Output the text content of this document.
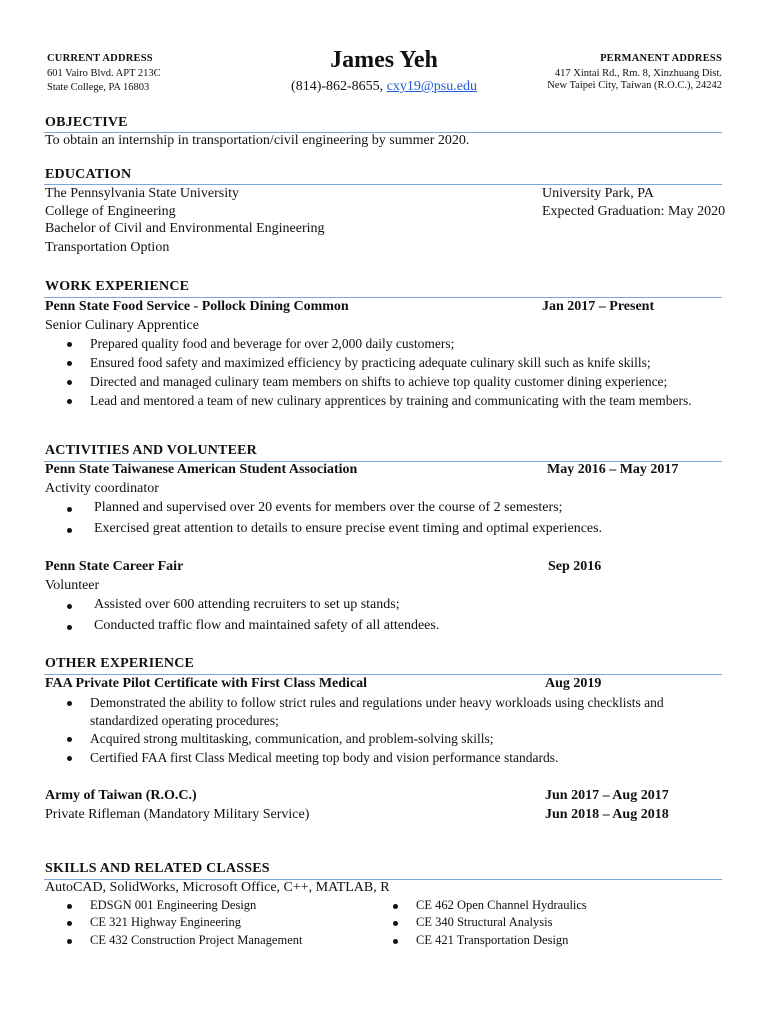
CURRENT ADDRESS
601 Vairo Blvd. APT 213C
State College, PA 16803
James Yeh
(814)-862-8655, cxy19@psu.edu
PERMANENT ADDRESS
417 Xintai Rd., Rm. 8, Xinzhuang Dist.
New Taipei City, Taiwan (R.O.C.), 24242
OBJECTIVE
To obtain an internship in transportation/civil engineering by summer 2020.
EDUCATION
The Pennsylvania State University	University Park, PA
College of Engineering	Expected Graduation: May 2020
Bachelor of Civil and Environmental Engineering
Transportation Option
WORK EXPERIENCE
Penn State Food Service - Pollock Dining Common	Jan 2017 – Present
Senior Culinary Apprentice
Prepared quality food and beverage for over 2,000 daily customers;
Ensured food safety and maximized efficiency by practicing adequate culinary skill such as knife skills;
Directed and managed culinary team members on shifts to achieve top quality customer dining experience;
Lead and mentored a team of new culinary apprentices by training and communicating with the team members.
ACTIVITIES AND VOLUNTEER
Penn State Taiwanese American Student Association	May 2016 – May 2017
Activity coordinator
Planned and supervised over 20 events for members over the course of 2 semesters;
Exercised great attention to details to ensure precise event timing and optimal experiences.
Penn State Career Fair	Sep 2016
Volunteer
Assisted over 600 attending recruiters to set up stands;
Conducted traffic flow and maintained safety of all attendees.
OTHER EXPERIENCE
FAA Private Pilot Certificate with First Class Medical	Aug 2019
Demonstrated the ability to follow strict rules and regulations under heavy workloads using checklists and standardized operating procedures;
Acquired strong multitasking, communication, and problem-solving skills;
Certified FAA first Class Medical meeting top body and vision performance standards.
Army of Taiwan (R.O.C.)	Jun 2017 – Aug 2017
Private Rifleman (Mandatory Military Service)	Jun 2018 – Aug 2018
SKILLS AND RELATED CLASSES
AutoCAD, SolidWorks, Microsoft Office, C++, MATLAB, R
EDSGN 001 Engineering Design
CE 321 Highway Engineering
CE 432 Construction Project Management
CE 462 Open Channel Hydraulics
CE 340 Structural Analysis
CE 421 Transportation Design
